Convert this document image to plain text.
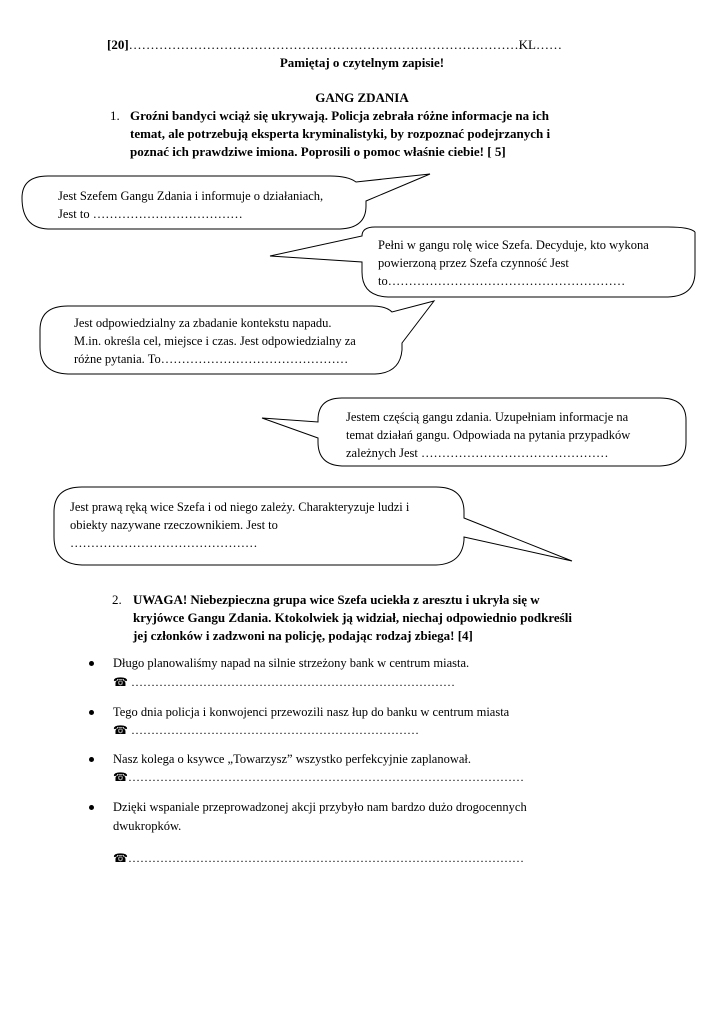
[20]………………………………………………………………………………KL……
Pamiętaj o czytelnym zapisie!
GANG ZDANIA
1. Groźni bandyci wciąż się ukrywają. Policja zebrała różne informacje na ich
temat, ale potrzebują eksperta kryminalistyki, by rozpoznać podejrzanych i
poznać ich prawdziwe imiona. Poprosili o pomoc właśnie ciebie! [ 5]
Jest Szefem Gangu Zdania i informuje o działaniach,
Jest to ………………………………
Pełni w gangu rolę wice Szefa. Decyduje, kto wykona
powierzoną przez Szefa czynność Jest
to…………………………………………………
Jest odpowiedzialny za zbadanie kontekstu napadu.
M.in. określa cel, miejsce i czas. Jest odpowiedzialny za
różne pytania. To………………………………………
Jestem częścią gangu zdania. Uzupełniam informacje na
temat działań gangu. Odpowiada na pytania przypadków
zależnych Jest ………………………………………
Jest prawą ręką wice Szefa i od niego zależy. Charakteryzuje ludzi i
obiekty nazywane rzeczownikiem. Jest to
………………………………………
2. UWAGA! Niebezpieczna grupa wice Szefa uciekła z aresztu i ukryła się w
kryjówce Gangu Zdania. Ktokolwiek ją widział, niechaj odpowiednio podkreśli
jej członków i zadzwoni na policję, podając rodzaj zbiega! [4]
Długo planowaliśmy napad na silnie strzeżony bank w centrum miasta.
☎ ………………………………………………………………………
Tego dnia policja i konwojenci przewozili nasz łup do banku w centrum miasta
☎ ………………………………………………………………
Nasz kolega o ksywce „Towarzysz” wszystko perfekcyjnie zaplanował.
☎………………………………………………………………………………………
Dzięki wspaniale przeprowadzonej akcji przybyło nam bardzo dużo drogocennych
dwukropków.
☎………………………………………………………………………………………
